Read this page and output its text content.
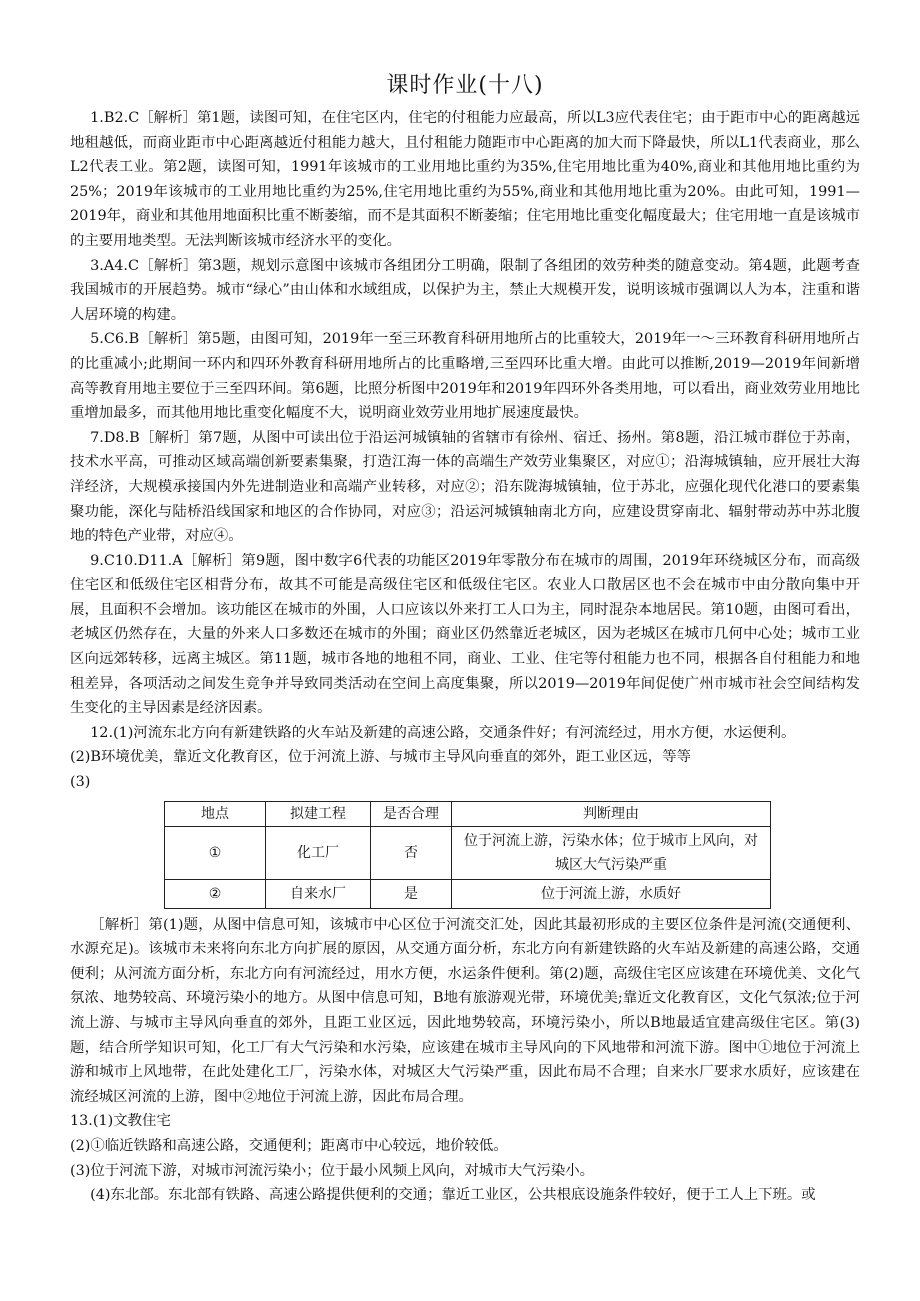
课时作业(十八)

1.B2.C［解析］第1题，读图可知，在住宅区内，住宅的付租能力应最高，所以L3应代表住宅；由于距市中心的距离越远地租越低，而商业距市中心距离越近付租能力越大，且付租能力随距市中心距离的加大而下降最快，所以L1代表商业，那么L2代表工业。第2题，读图可知，1991年该城市的工业用地比重约为35%,住宅用地比重为40%,商业和其他用地比重约为25%；2019年该城市的工业用地比重约为25%,住宅用地比重约为55%,商业和其他用地比重为20%。由此可知，1991—2019年，商业和其他用地面积比重不断萎缩，而不是其面积不断萎缩；住宅用地比重变化幅度最大；住宅用地一直是该城市的主要用地类型。无法判断该城市经济水平的变化。

3.A4.C［解析］第3题，规划示意图中该城市各组团分工明确，限制了各组团的效劳种类的随意变动。第4题，此题考查我国城市的开展趋势。城市“绿心”由山体和水域组成，以保护为主，禁止大规模开发，说明该城市强调以人为本，注重和谐人居环境的构建。

5.C6.B［解析］第5题，由图可知，2019年一至三环教育科研用地所占的比重较大，2019年一～三环教育科研用地所占的比重减小;此期间一环内和四环外教育科研用地所占的比重略增,三至四环比重大增。由此可以推断,2019—2019年间新增高等教育用地主要位于三至四环间。第6题，比照分析图中2019年和2019年四环外各类用地，可以看出，商业效劳业用地比重增加最多，而其他用地比重变化幅度不大，说明商业效劳业用地扩展速度最快。

7.D8.B［解析］第7题，从图中可读出位于沿运河城镇轴的省辖市有徐州、宿迁、扬州。第8题，沿江城市群位于苏南，技术水平高，可推动区域高端创新要素集聚，打造江海一体的高端生产效劳业集聚区，对应①；沿海城镇轴，应开展壮大海洋经济，大规模承接国内外先进制造业和高端产业转移，对应②；沿东陇海城镇轴，位于苏北，应强化现代化港口的要素集聚功能，深化与陆桥沿线国家和地区的合作协同，对应③；沿运河城镇轴南北方向，应建设贯穿南北、辐射带动苏中苏北腹地的特色产业带，对应④。

9.C10.D11.A［解析］第9题，图中数字6代表的功能区2019年零散分布在城市的周围，2019年环绕城区分布，而高级住宅区和低级住宅区相背分布，故其不可能是高级住宅区和低级住宅区。农业人口散居区也不会在城市中由分散向集中开展，且面积不会增加。该功能区在城市的外围，人口应该以外来打工人口为主，同时混杂本地居民。第10题，由图可看出，老城区仍然存在，大量的外来人口多数还在城市的外围；商业区仍然靠近老城区，因为老城区在城市几何中心处；城市工业区向远郊转移，远离主城区。第11题，城市各地的地租不同，商业、工业、住宅等付租能力也不同，根据各自付租能力和地租差异，各项活动之间发生竞争并导致同类活动在空间上高度集聚，所以2019—2019年间促使广州市城市社会空间结构发生变化的主导因素是经济因素。

12.(1)河流东北方向有新建铁路的火车站及新建的高速公路，交通条件好；有河流经过，用水方便，水运便利。

(2)B环境优美，靠近文化教育区，位于河流上游、与城市主导风向垂直的郊外，距工业区远，等等

(3)

地点	拟建工程	是否合理	判断理由
①	化工厂	否	位于河流上游，污染水体；位于城市上风向，对城区大气污染严重
②	自来水厂	是	位于河流上游，水质好

［解析］第(1)题，从图中信息可知，该城市中心区位于河流交汇处，因此其最初形成的主要区位条件是河流(交通便利、水源充足)。该城市未来将向东北方向扩展的原因，从交通方面分析，东北方向有新建铁路的火车站及新建的高速公路，交通便利；从河流方面分析，东北方向有河流经过，用水方便，水运条件便利。第(2)题，高级住宅区应该建在环境优美、文化气氛浓、地势较高、环境污染小的地方。从图中信息可知，B地有旅游观光带，环境优美;靠近文化教育区，文化气氛浓;位于河流上游、与城市主导风向垂直的郊外，且距工业区远，因此地势较高，环境污染小，所以B地最适宜建高级住宅区。第(3)题，结合所学知识可知，化工厂有大气污染和水污染，应该建在城市主导风向的下风地带和河流下游。图中①地位于河流上游和城市上风地带，在此处建化工厂，污染水体，对城区大气污染严重，因此布局不合理；自来水厂要求水质好，应该建在流经城区河流的上游，图中②地位于河流上游，因此布局合理。

13.(1)文教住宅

(2)①临近铁路和高速公路，交通便利；距离市中心较远，地价较低。

(3)位于河流下游，对城市河流污染小；位于最小风频上风向，对城市大气污染小。

(4)东北部。东北部有铁路、高速公路提供便利的交通；靠近工业区，公共根底设施条件较好，便于工人上下班。或
